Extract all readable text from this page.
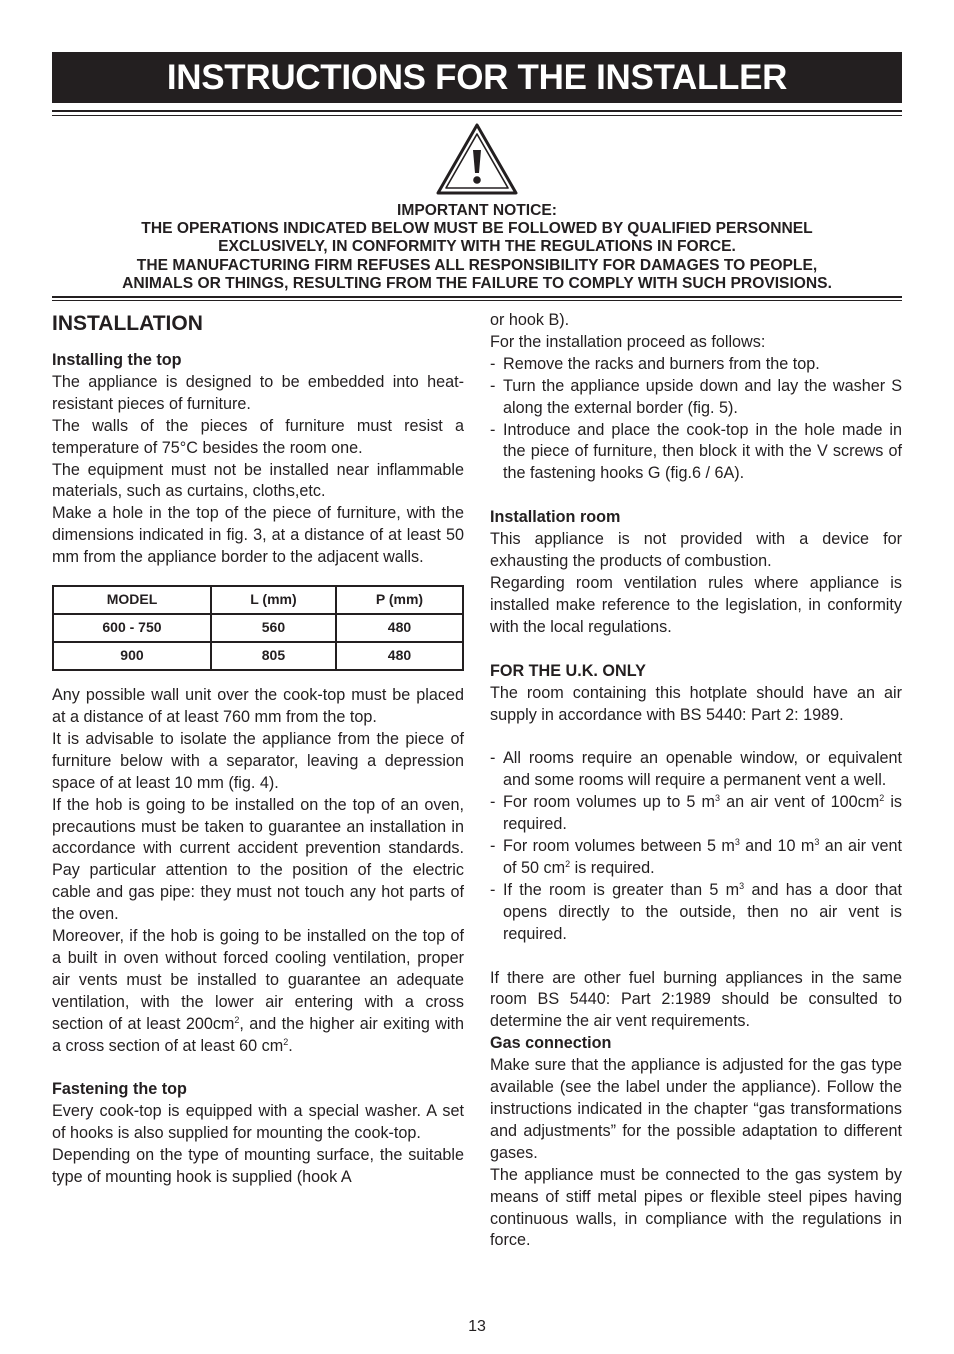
INSTRUCTIONS FOR THE INSTALLER
IMPORTANT NOTICE:
THE OPERATIONS INDICATED BELOW MUST BE FOLLOWED BY QUALIFIED PERSONNEL
EXCLUSIVELY, IN CONFORMITY WITH THE REGULATIONS IN FORCE.
THE MANUFACTURING FIRM REFUSES ALL RESPONSIBILITY FOR DAMAGES TO PEOPLE,
ANIMALS OR THINGS, RESULTING FROM THE FAILURE TO COMPLY WITH SUCH PROVISIONS.
INSTALLATION
Installing the top

The appliance is designed to be embedded into heat-resistant pieces of furniture.

The walls of the pieces of furniture must resist a temperature of 75°C besides the room one.

The equipment must not be installed near inflammable materials, such as curtains, cloths,etc.

Make a hole in the top of the piece of furniture, with the dimensions indicated in fig. 3, at a distance of at least 50 mm from the appliance border to the adjacent walls.

MODEL	L (mm)	P (mm)
600 - 750	560	480
900	805	480

Any possible wall unit over the cook-top must be placed at a distance of at least 760 mm from the top.

It is advisable to isolate the appliance from the piece of furniture below with a separator, leaving a depression space of at least 10 mm (fig. 4).

If the hob is going to be installed on the top of an oven, precautions must be taken to guarantee an installation in accordance with current accident prevention standards. Pay particular attention to the position of the electric cable and gas pipe: they must not touch any hot parts of the oven.

Moreover, if the hob is going to be installed on the top of a built in oven without forced cooling ventilation, proper air vents must be installed to guarantee an adequate ventilation, with the lower air entering with a cross section of at least $200cm^2$, and the higher air exiting with a cross section of at least 60 $cm^2$.

Fastening the top

Every cook-top is equipped with a special washer. A set of hooks is also supplied for mounting the cook-top.

Depending on the type of mounting surface, the suitable type of mounting hook is supplied (hook A

or hook B).

For the installation proceed as follows:

- Remove the racks and burners from the top.
- Turn the appliance upside down and lay the washer S along the external border (fig. 5).
- Introduce and place the cook-top in the hole made in the piece of furniture, then block it with the V screws of the fastening hooks G (fig.6 / 6A).
Installation room

This appliance is not provided with a device for exhausting the products of combustion.

Regarding room ventilation rules where appliance is installed make reference to the legislation, in conformity with the local regulations.

FOR THE U.K. ONLY

The room containing this hotplate should have an air supply in accordance with BS 5440: Part 2: 1989.

- All rooms require an openable window, or equivalent and some rooms will require a permanent vent a well.
- For room volumes up to 5 $m^3$ an air vent of $100cm^2$ is required.
- For room volumes between 5 $m^3$ and 10 $m^3$ an air vent of 50 $cm^2$ is required.
- If the room is greater than 5 $m^3$ and has a door that opens directly to the outside, then no air vent is required.

If there are other fuel burning appliances in the same room BS 5440: Part 2:1989 should be consulted to determine the air vent requirements.

Gas connection

Make sure that the appliance is adjusted for the gas type available (see the label under the appliance). Follow the instructions indicated in the chapter “gas transformations and adjustments” for the possible adaptation to different gases.

The appliance must be connected to the gas system by means of stiff metal pipes or flexible steel pipes having continuous walls, in compliance with the regulations in force.

13
